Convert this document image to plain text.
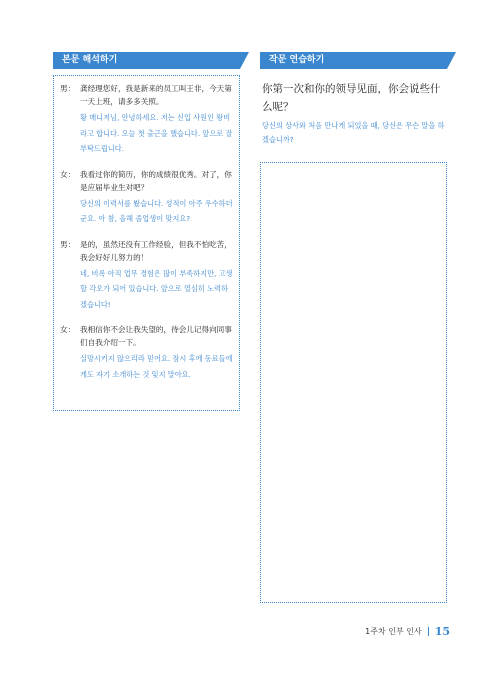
본문 해석하기
男： 龚经理您好，我是新来的员工叫王非，今天第一天上班，请多多关照。
황 매니저님, 안녕하세요. 저는 신입 사원인 왕비라고 합니다. 오늘 첫 출근을 했습니다. 앞으로 잘 부탁드립니다.
女： 我看过你的简历，你的成绩很优秀。对了，你是应届毕业生对吧？
당신의 이력서를 봤습니다. 성적이 아주 우수하더군요. 아 참, 올해 졸업생이 맞지요?
男： 是的，虽然还没有工作经验，但我不怕吃苦，我会好好儿努力的！
네, 비록 아직 업무 경험은 많이 부족하지만, 고생할 각오가 되어 있습니다. 앞으로 열심히 노력하겠습니다!
女： 我相信你不会让我失望的，待会儿记得向同事们自我介绍一下。
실망시키지 않으리라 믿어요. 잠시 후에 동료들에게도 자기 소개하는 것 잊지 말아요.
작문 연습하기
你第一次和你的领导见面，你会说些什么呢？
당신의 상사와 처음 만나게 되었을 때, 당신은 무슨 말을 하겠습니까?
1주차 인부 인사 15
